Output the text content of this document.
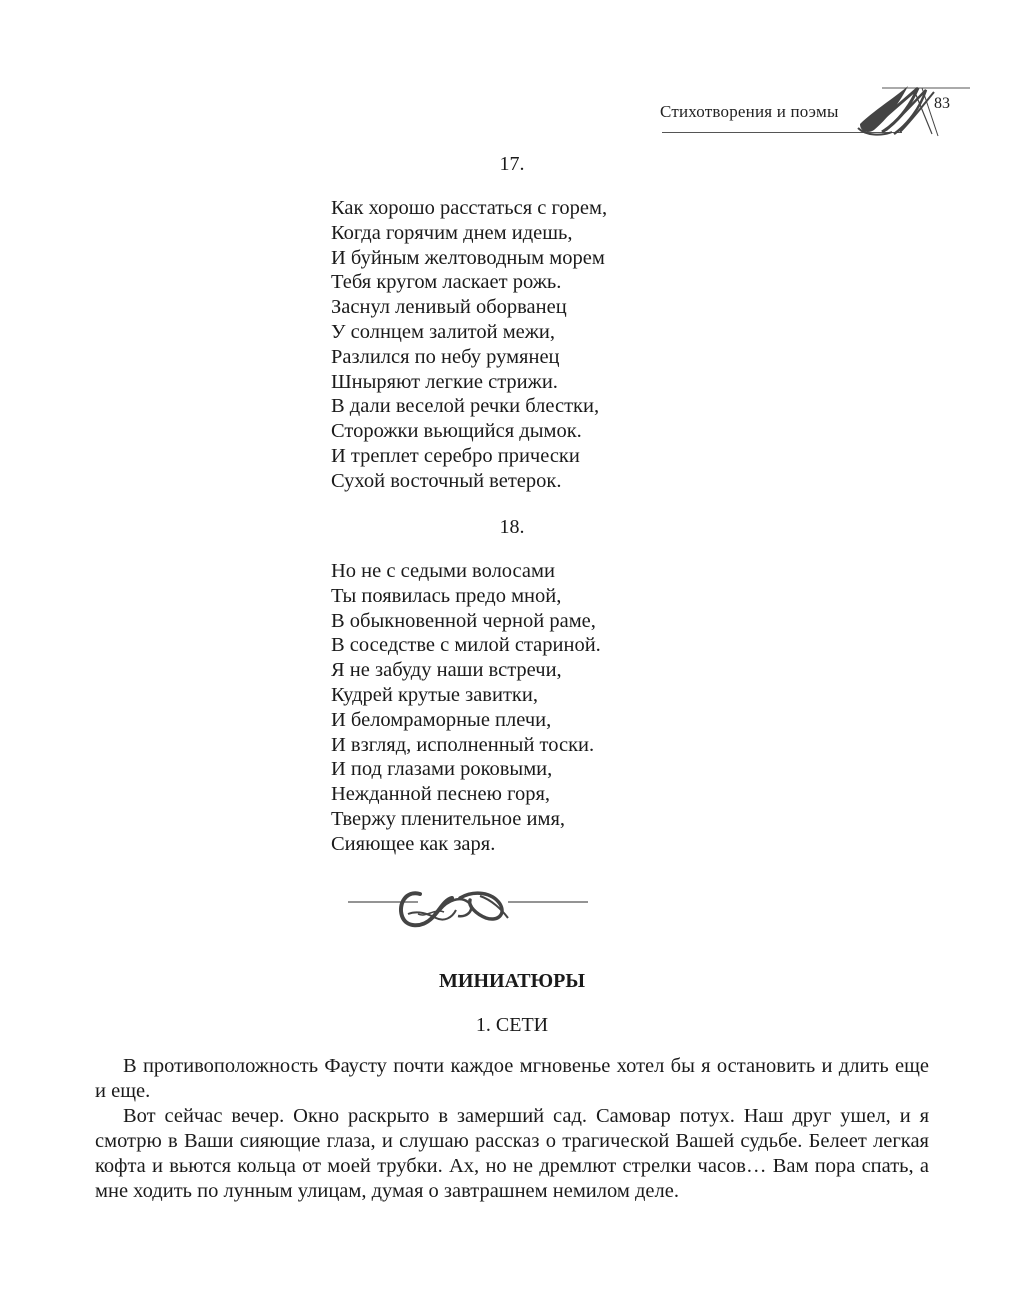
Стихотворения и поэмы	83
17.
Как хорошо расстаться с горем,
Когда горячим днем идешь,
И буйным желтоводным морем
Тебя кругом ласкает рожь.
Заснул ленивый оборванец
У солнцем залитой межи,
Разлился по небу румянец
Шныряют легкие стрижи.
В дали веселой речки блестки,
Сторожки вьющийся дымок.
И треплет серебро прически
Сухой восточный ветерок.
18.
Но не с седыми волосами
Ты появилась предо мной,
В обыкновенной черной раме,
В соседстве с милой стариной.
Я не забуду наши встречи,
Кудрей крутые завитки,
И беломраморные плечи,
И взгляд, исполненный тоски.
И под глазами роковыми,
Нежданной песнею горя,
Твержу пленительное имя,
Сияющее как заря.
МИНИАТЮРЫ
1. СЕТИ

В противоположность Фаусту почти каждое мгновенье хотел бы я остановить и длить еще и еще.

Вот сейчас вечер. Окно раскрыто в замерший сад. Самовар потух. Наш друг ушел, и я смотрю в Ваши сияющие глаза, и слушаю рассказ о трагической Вашей судьбе. Белеет легкая кофта и вьются кольца от моей трубки. Ах, но не дремлют стрелки часов… Вам пора спать, а мне ходить по лунным улицам, думая о завтрашнем немилом деле.
